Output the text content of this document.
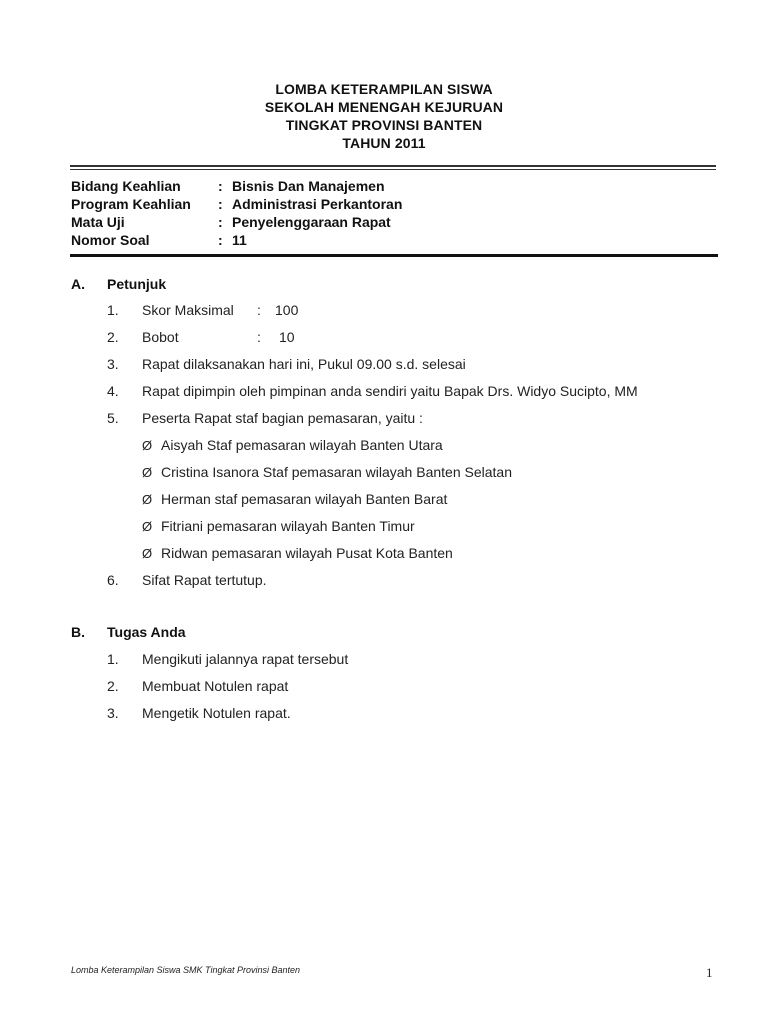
LOMBA KETERAMPILAN SISWA
SEKOLAH MENENGAH KEJURUAN
TINGKAT PROVINSI BANTEN
TAHUN 2011
Bidang Keahlian	: Bisnis Dan Manajemen
Program Keahlian	: Administrasi Perkantoran
Mata Uji	: Penyelenggaraan Rapat
Nomor Soal	: 11
A.	Petunjuk
1.	Skor Maksimal	:	100
2.	Bobot	:	10
3.	Rapat dilaksanakan hari ini, Pukul 09.00 s.d. selesai
4.	Rapat dipimpin oleh pimpinan anda sendiri yaitu Bapak Drs. Widyo Sucipto, MM
5.	Peserta Rapat staf bagian pemasaran, yaitu :
Ø Aisyah Staf pemasaran wilayah Banten Utara
Ø Cristina Isanora Staf pemasaran wilayah Banten Selatan
Ø Herman staf pemasaran wilayah Banten Barat
Ø Fitriani pemasaran wilayah Banten Timur
Ø Ridwan pemasaran wilayah Pusat Kota Banten
6.	Sifat Rapat tertutup.
B.	Tugas Anda
1.	Mengikuti jalannya rapat tersebut
2.	Membuat Notulen rapat
3.	Mengetik Notulen rapat.
Lomba Keterampilan Siswa SMK Tingkat Provinsi Banten	1
